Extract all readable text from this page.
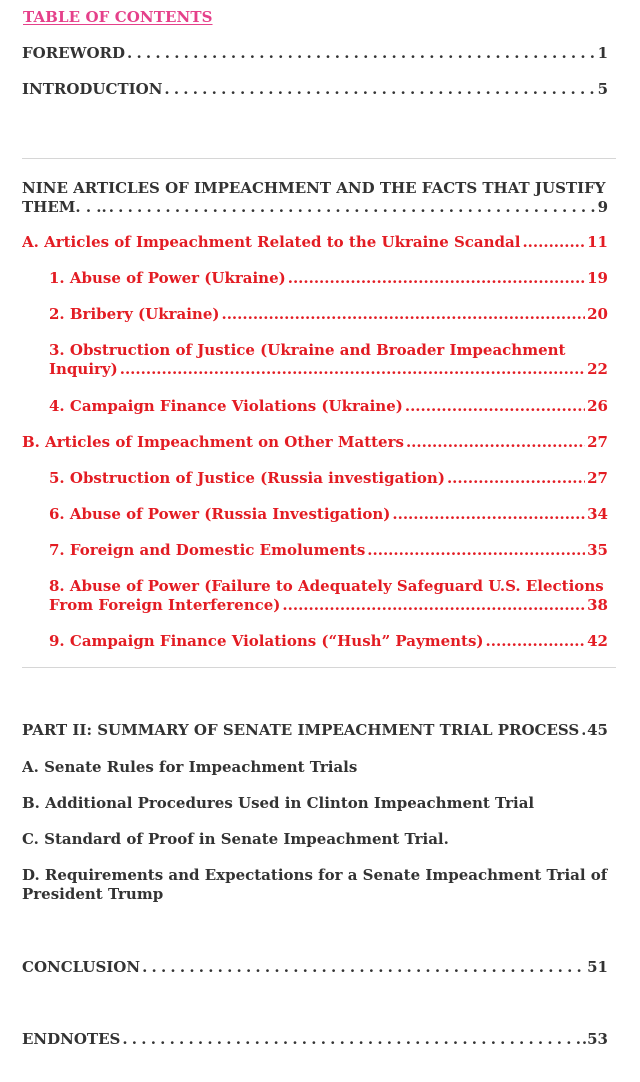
TABLE OF CONTENTS
FOREWORD . . .	1
INTRODUCTION . . .	5
NINE ARTICLES OF IMPEACHMENT AND THE FACTS THAT JUSTIFY
THEM. . ..	9
. . .
A. Articles of Impeachment Related to the Ukraine Scandal .....	11
1. Abuse of Power (Ukraine) .....	19
2. Bribery (Ukraine) .....	20
3. Obstruction of Justice (Ukraine and Broader Impeachment
Inquiry)	22
.....
4. Campaign Finance Violations (Ukraine) .....	26
B. Articles of Impeachment on Other Matters .....	27
5. Obstruction of Justice (Russia investigation) .....	27
6. Abuse of Power (Russia Investigation) .....	34
7. Foreign and Domestic Emoluments .....	35
8. Abuse of Power (Failure to Adequately Safeguard U.S. Elections
From Foreign Interference)	38
.....
9. Campaign Finance Violations (“Hush” Payments) .....	42
PART II: SUMMARY OF SENATE IMPEACHMENT TRIAL PROCESS . . . 45
A. Senate Rules for Impeachment Trials
B. Additional Procedures Used in Clinton Impeachment Trial
C. Standard of Proof in Senate Impeachment Trial.
D. Requirements and Expectations for a Senate Impeachment Trial of
President Trump
CONCLUSION . . .	51
ENDNOTES . . .	.53
